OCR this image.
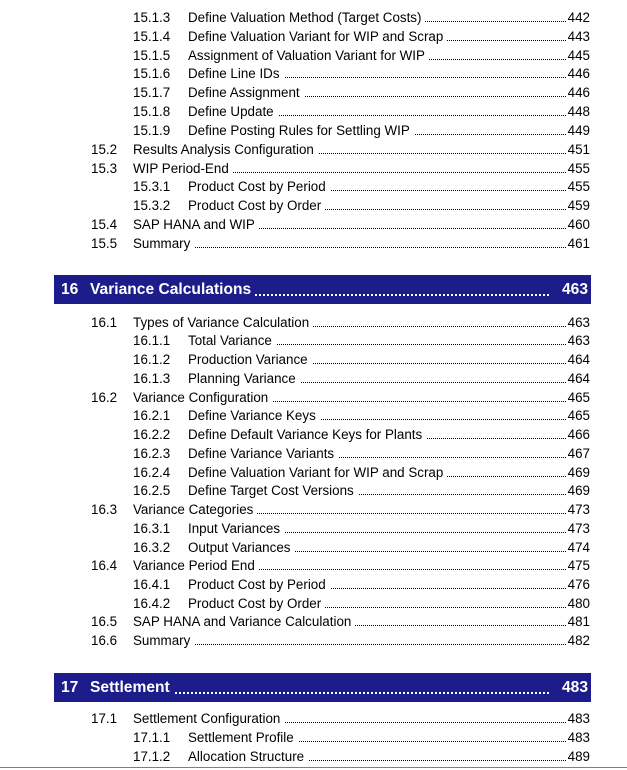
15.1.3 Define Valuation Method (Target Costs)	442
15.1.4 Define Valuation Variant for WIP and Scrap	443
15.1.5 Assignment of Valuation Variant for WIP	445
15.1.6 Define Line IDs	446
15.1.7 Define Assignment	446
15.1.8 Define Update	448
15.1.9 Define Posting Rules for Settling WIP	449
15.2 Results Analysis Configuration	451
15.3 WIP Period-End	455
15.3.1 Product Cost by Period	455
15.3.2 Product Cost by Order	459
15.4 SAP HANA and WIP	460
15.5 Summary	461
16 Variance Calculations	463
16.1 Types of Variance Calculation	463
16.1.1 Total Variance	463
16.1.2 Production Variance	464
16.1.3 Planning Variance	464
16.2 Variance Configuration	465
16.2.1 Define Variance Keys	465
16.2.2 Define Default Variance Keys for Plants	466
16.2.3 Define Variance Variants	467
16.2.4 Define Valuation Variant for WIP and Scrap	469
16.2.5 Define Target Cost Versions	469
16.3 Variance Categories	473
16.3.1 Input Variances	473
16.3.2 Output Variances	474
16.4 Variance Period End	475
16.4.1 Product Cost by Period	476
16.4.2 Product Cost by Order	480
16.5 SAP HANA and Variance Calculation	481
16.6 Summary	482
17 Settlement	483
17.1 Settlement Configuration	483
17.1.1 Settlement Profile	483
17.1.2 Allocation Structure	489
